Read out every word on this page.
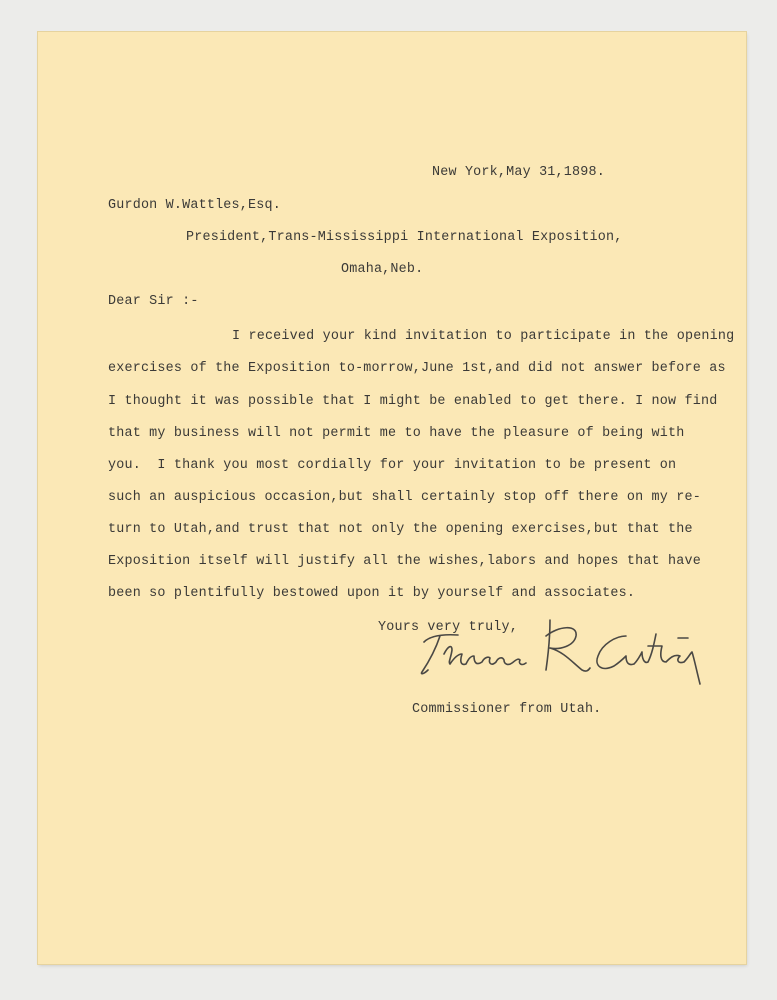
New York,May 31,1898.
Gurdon W.Wattles,Esq.
President,Trans-Mississippi International Exposition,
Omaha,Neb.
Dear Sir :-
I received your kind invitation to participate in the opening
exercises of the Exposition to-morrow,June 1st,and did not answer before as
I thought it was possible that I might be enabled to get there. I now find
that my business will not permit me to have the pleasure of being with
you.  I thank you most cordially for your invitation to be present on
such an auspicious occasion,but shall certainly stop off there on my re-
turn to Utah,and trust that not only the opening exercises,but that the
Exposition itself will justify all the wishes,labors and hopes that have
been so plentifully bestowed upon it by yourself and associates.
Yours very truly,
Commissioner from Utah.
